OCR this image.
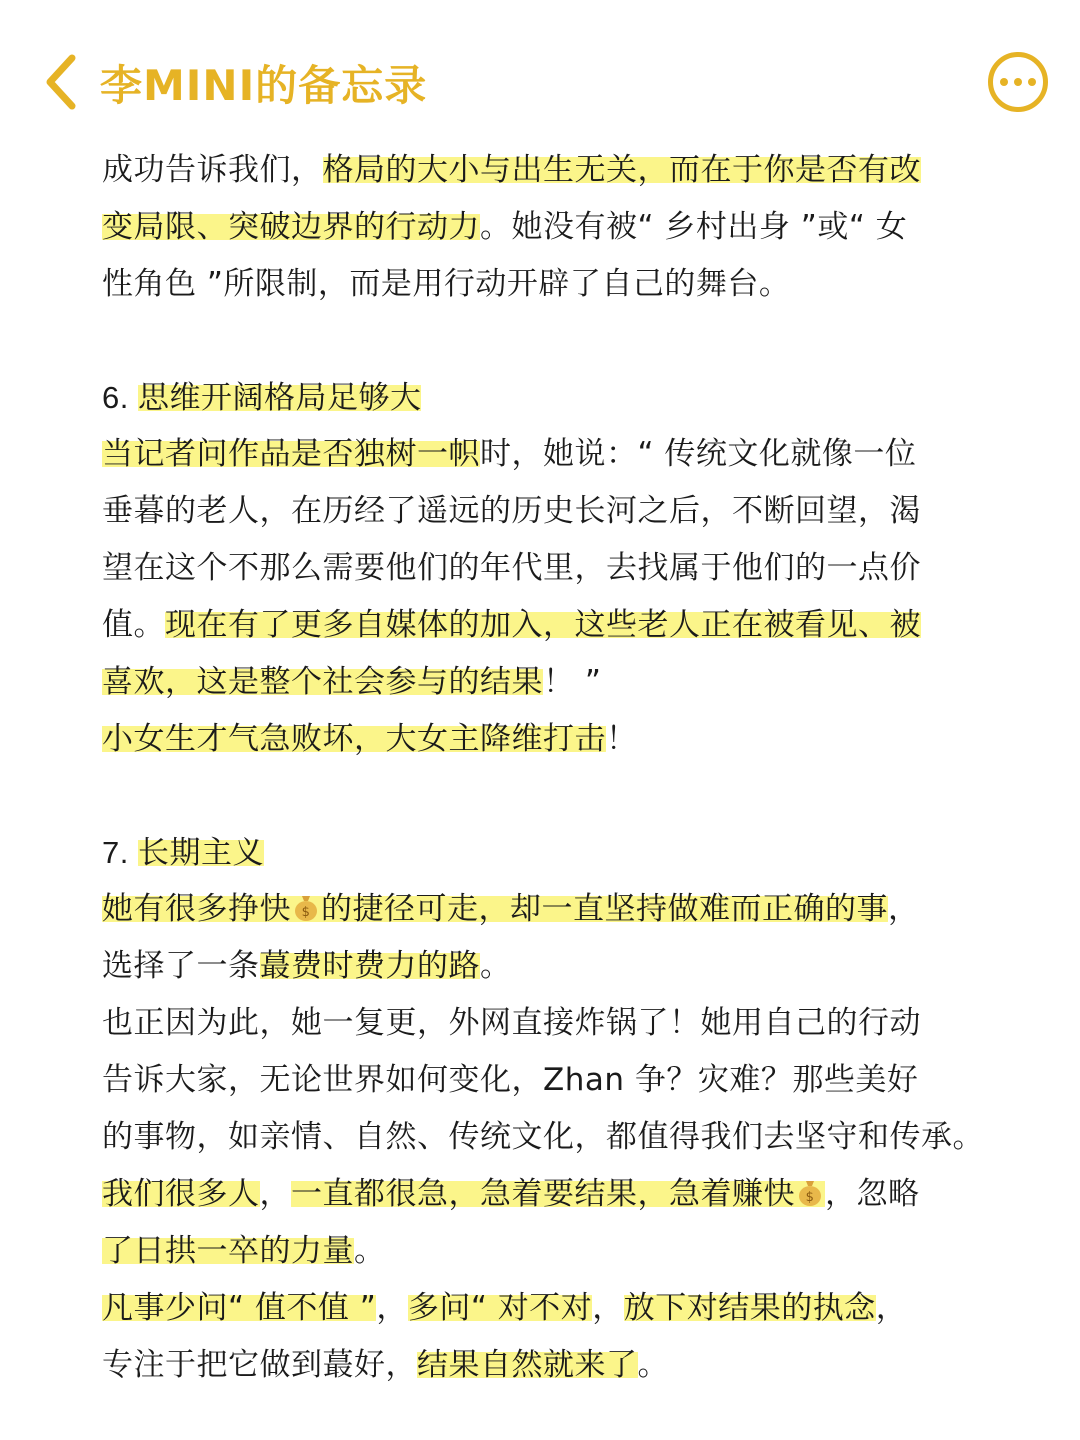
李MINI的备忘录
成功告诉我们，格局的大小与出生无关，而在于你是否有改
变局限、突破边界的行动力。她没有被“ 乡村出身 ”或“ 女
性角色 ”所限制，而是用行动开辟了自己的舞台。
6. 思维开阔格局足够大
当记者问作品是否独树一帜时，她说：“ 传统文化就像一位
垂暮的老人，在历经了遥远的历史长河之后，不断回望，渴
望在这个不那么需要他们的年代里，去找属于他们的一点价
值。现在有了更多自媒体的加入，这些老人正在被看见、被
喜欢，这是整个社会参与的结果！ ”
小女生才气急败坏，大女主降维打击！
7. 长期主义
她有很多挣快 $ 的捷径可走，却一直坚持做难而正确的事，
选择了一条蕞费时费力的路。
也正因为此，她一复更，外网直接炸锅了！她用自己的行动
告诉大家，无论世界如何变化，Zhan 争？灾难？那些美好
的事物，如亲情、自然、传统文化，都值得我们去坚守和传承。
我们很多人，一直都很急，急着要结果，急着赚快 $ ，忽略
了日拱一卒的力量。
凡事少问“ 值不值 ”，多问“ 对不对，放下对结果的执念，
专注于把它做到蕞好，结果自然就来了。
